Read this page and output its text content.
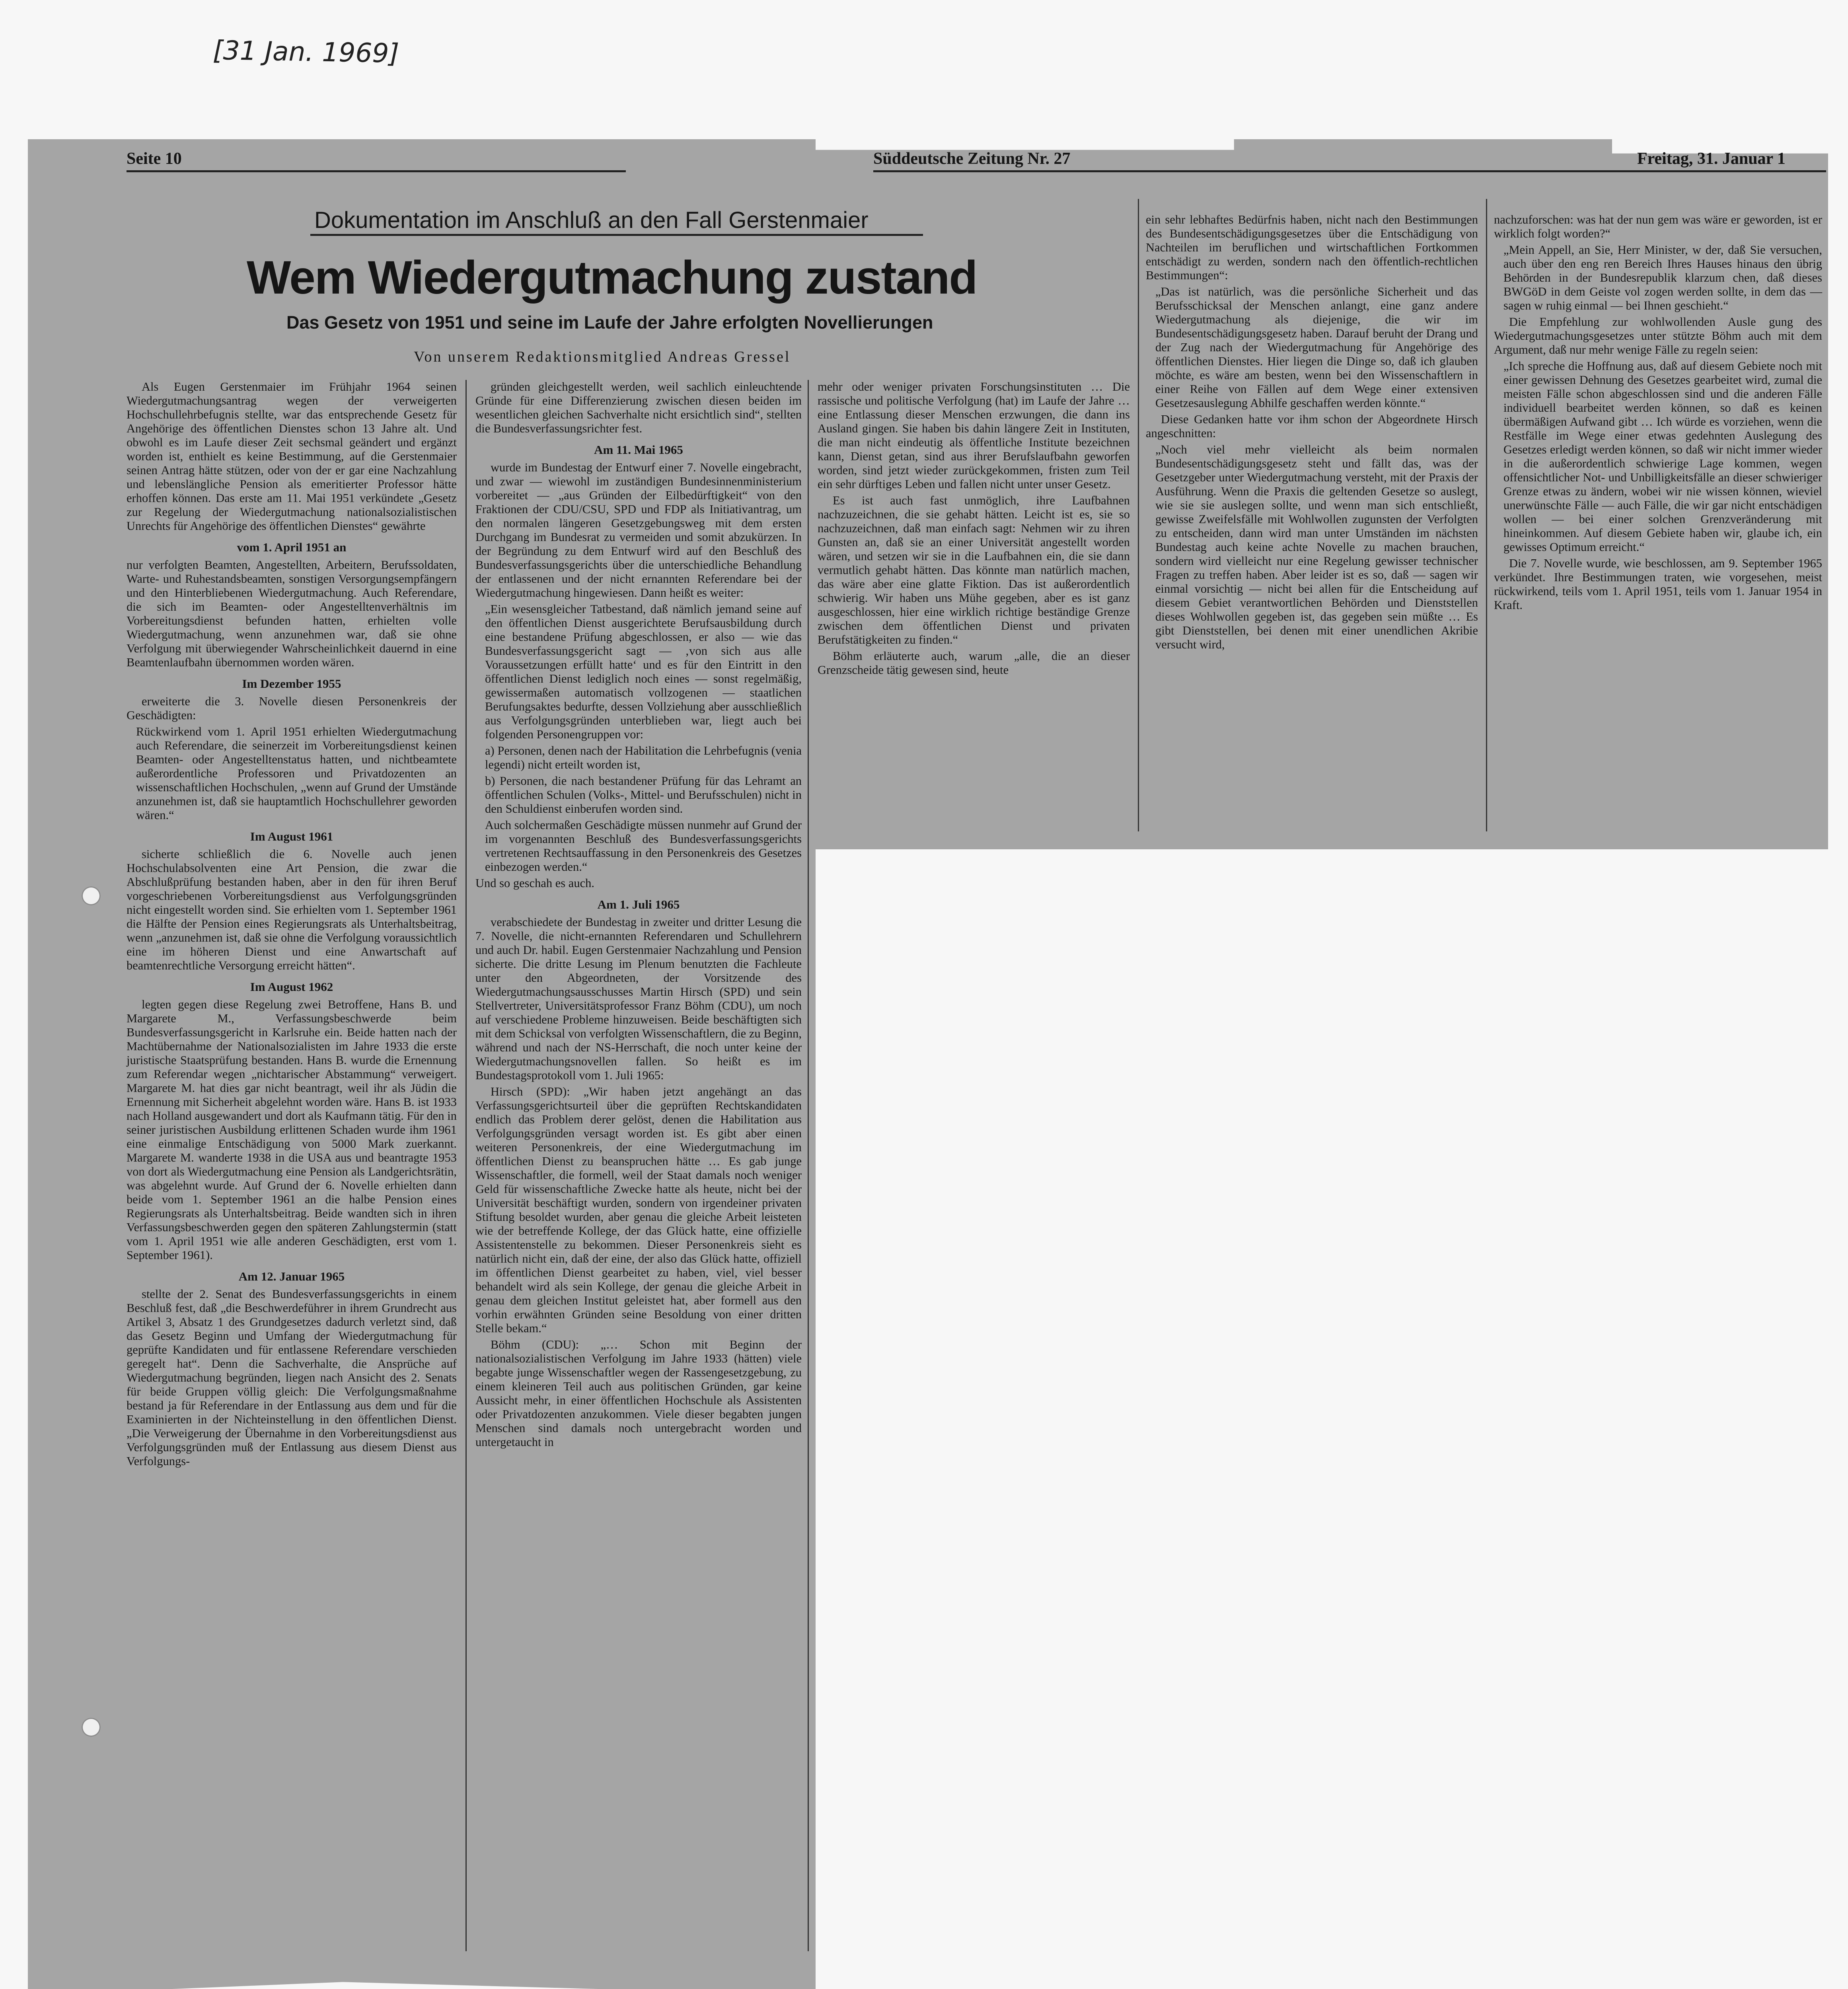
[31 Jan. 1969]
Seite 10	Süddeutsche Zeitung Nr. 27	Freitag, 31. Januar 1
Dokumentation im Anschluß an den Fall Gerstenmaier
Wem Wiedergutmachung zustand
Das Gesetz von 1951 und seine im Laufe der Jahre erfolgten Novellierungen
Von unserem Redaktionsmitglied Andreas Gressel

Als Eugen Gerstenmaier im Frühjahr 1964 seinen Wiedergutmachungsantrag wegen der verweigerten Hochschullehrbefugnis stellte, war das entsprechende Gesetz für Angehörige des öffentlichen Dienstes schon 13 Jahre alt. Und obwohl es im Laufe dieser Zeit sechsmal geändert und ergänzt worden ist, enthielt es keine Bestimmung, auf die Gerstenmaier seinen Antrag hätte stützen, oder von der er gar eine Nachzahlung und lebenslängliche Pension als emeritierter Professor hätte erhoffen können. Das erste am 11. Mai 1951 verkündete „Gesetz zur Regelung der Wiedergutmachung nationalsozialistischen Unrechts für Angehörige des öffentlichen Dienstes“ gewährte

vom 1. April 1951 an

nur verfolgten Beamten, Angestellten, Arbeitern, Berufssoldaten, Warte- und Ruhestandsbeamten, sonstigen Versorgungsempfängern und den Hinterbliebenen Wiedergutmachung. Auch Referendare, die sich im Beamten- oder Angestelltenverhältnis im Vorbereitungsdienst befunden hatten, erhielten volle Wiedergutmachung, wenn anzunehmen war, daß sie ohne Verfolgung mit überwiegender Wahrscheinlichkeit dauernd in eine Beamtenlaufbahn übernommen worden wären.

Im Dezember 1955

erweiterte die 3. Novelle diesen Personenkreis der Geschädigten:

Rückwirkend vom 1. April 1951 erhielten Wiedergutmachung auch Referendare, die seinerzeit im Vorbereitungsdienst keinen Beamten- oder Angestelltenstatus hatten, und nichtbeamtete außerordentliche Professoren und Privatdozenten an wissenschaftlichen Hochschulen, „wenn auf Grund der Umstände anzunehmen ist, daß sie hauptamtlich Hochschullehrer geworden wären.“

Im August 1961

sicherte schließlich die 6. Novelle auch jenen Hochschulabsolventen eine Art Pension, die zwar die Abschlußprüfung bestanden haben, aber in den für ihren Beruf vorgeschriebenen Vorbereitungsdienst aus Verfolgungsgründen nicht eingestellt worden sind. Sie erhielten vom 1. September 1961 die Hälfte der Pension eines Regierungsrats als Unterhaltsbeitrag, wenn „anzunehmen ist, daß sie ohne die Verfolgung voraussichtlich eine im höheren Dienst und eine Anwartschaft auf beamtenrechtliche Versorgung erreicht hätten“.

Im August 1962

legten gegen diese Regelung zwei Betroffene, Hans B. und Margarete M., Verfassungsbeschwerde beim Bundesverfassungsgericht in Karlsruhe ein. Beide hatten nach der Machtübernahme der Nationalsozialisten im Jahre 1933 die erste juristische Staatsprüfung bestanden. Hans B. wurde die Ernennung zum Referendar wegen „nichtarischer Abstammung“ verweigert. Margarete M. hat dies gar nicht beantragt, weil ihr als Jüdin die Ernennung mit Sicherheit abgelehnt worden wäre. Hans B. ist 1933 nach Holland ausgewandert und dort als Kaufmann tätig. Für den in seiner juristischen Ausbildung erlittenen Schaden wurde ihm 1961 eine einmalige Entschädigung von 5000 Mark zuerkannt. Margarete M. wanderte 1938 in die USA aus und beantragte 1953 von dort als Wiedergutmachung eine Pension als Landgerichtsrätin, was abgelehnt wurde. Auf Grund der 6. Novelle erhielten dann beide vom 1. September 1961 an die halbe Pension eines Regierungsrats als Unterhaltsbeitrag. Beide wandten sich in ihren Verfassungsbeschwerden gegen den späteren Zahlungstermin (statt vom 1. April 1951 wie alle anderen Geschädigten, erst vom 1. September 1961).

Am 12. Januar 1965

stellte der 2. Senat des Bundesverfassungsgerichts in einem Beschluß fest, daß „die Beschwerdeführer in ihrem Grundrecht aus Artikel 3, Absatz 1 des Grundgesetzes dadurch verletzt sind, daß das Gesetz Beginn und Umfang der Wiedergutmachung für geprüfte Kandidaten und für entlassene Referendare verschieden geregelt hat“. Denn die Sachverhalte, die Ansprüche auf Wiedergutmachung begründen, liegen nach Ansicht des 2. Senats für beide Gruppen völlig gleich: Die Verfolgungsmaßnahme bestand ja für Referendare in der Entlassung aus dem und für die Examinierten in der Nichteinstellung in den öffentlichen Dienst. „Die Verweigerung der Übernahme in den Vorbereitungsdienst aus Verfolgungsgründen muß der Entlassung aus diesem Dienst aus Verfolgungs-

gründen gleichgestellt werden, weil sachlich einleuchtende Gründe für eine Differenzierung zwischen diesen beiden im wesentlichen gleichen Sachverhalte nicht ersichtlich sind“, stellten die Bundesverfassungsrichter fest.

Am 11. Mai 1965

wurde im Bundestag der Entwurf einer 7. Novelle eingebracht, und zwar — wiewohl im zuständigen Bundesinnenministerium vorbereitet — „aus Gründen der Eilbedürftigkeit“ von den Fraktionen der CDU/CSU, SPD und FDP als Initiativantrag, um den normalen längeren Gesetzgebungsweg mit dem ersten Durchgang im Bundesrat zu vermeiden und somit abzukürzen. In der Begründung zu dem Entwurf wird auf den Beschluß des Bundesverfassungsgerichts über die unterschiedliche Behandlung der entlassenen und der nicht ernannten Referendare bei der Wiedergutmachung hingewiesen. Dann heißt es weiter:

„Ein wesensgleicher Tatbestand, daß nämlich jemand seine auf den öffentlichen Dienst ausgerichtete Berufsausbildung durch eine bestandene Prüfung abgeschlossen, er also — wie das Bundesverfassungsgericht sagt — ‚von sich aus alle Voraussetzungen erfüllt hatte‘ und es für den Eintritt in den öffentlichen Dienst lediglich noch eines — sonst regelmäßig, gewissermaßen automatisch vollzogenen — staatlichen Berufungsaktes bedurfte, dessen Vollziehung aber ausschließlich aus Verfolgungsgründen unterblieben war, liegt auch bei folgenden Personengruppen vor:

a) Personen, denen nach der Habilitation die Lehrbefugnis (venia legendi) nicht erteilt worden ist,

b) Personen, die nach bestandener Prüfung für das Lehramt an öffentlichen Schulen (Volks-, Mittel- und Berufsschulen) nicht in den Schuldienst einberufen worden sind.

Auch solchermaßen Geschädigte müssen nunmehr auf Grund der im vorgenannten Beschluß des Bundesverfassungsgerichts vertretenen Rechtsauffassung in den Personenkreis des Gesetzes einbezogen werden.“

Und so geschah es auch.

Am 1. Juli 1965

verabschiedete der Bundestag in zweiter und dritter Lesung die 7. Novelle, die nicht-ernannten Referendaren und Schullehrern und auch Dr. habil. Eugen Gerstenmaier Nachzahlung und Pension sicherte. Die dritte Lesung im Plenum benutzten die Fachleute unter den Abgeordneten, der Vorsitzende des Wiedergutmachungsausschusses Martin Hirsch (SPD) und sein Stellvertreter, Universitätsprofessor Franz Böhm (CDU), um noch auf verschiedene Probleme hinzuweisen. Beide beschäftigten sich mit dem Schicksal von verfolgten Wissenschaftlern, die zu Beginn, während und nach der NS-Herrschaft, die noch unter keine der Wiedergutmachungsnovellen fallen. So heißt es im Bundestagsprotokoll vom 1. Juli 1965:

Hirsch (SPD): „Wir haben jetzt angehängt an das Verfassungsgerichtsurteil über die geprüften Rechtskandidaten endlich das Problem derer gelöst, denen die Habilitation aus Verfolgungsgründen versagt worden ist. Es gibt aber einen weiteren Personenkreis, der eine Wiedergutmachung im öffentlichen Dienst zu beanspruchen hätte … Es gab junge Wissenschaftler, die formell, weil der Staat damals noch weniger Geld für wissenschaftliche Zwecke hatte als heute, nicht bei der Universität beschäftigt wurden, sondern von irgendeiner privaten Stiftung besoldet wurden, aber genau die gleiche Arbeit leisteten wie der betreffende Kollege, der das Glück hatte, eine offizielle Assistentenstelle zu bekommen. Dieser Personenkreis sieht es natürlich nicht ein, daß der eine, der also das Glück hatte, offiziell im öffentlichen Dienst gearbeitet zu haben, viel, viel besser behandelt wird als sein Kollege, der genau die gleiche Arbeit in genau dem gleichen Institut geleistet hat, aber formell aus den vorhin erwähnten Gründen seine Besoldung von einer dritten Stelle bekam.“

Böhm (CDU): „… Schon mit Beginn der nationalsozialistischen Verfolgung im Jahre 1933 (hätten) viele begabte junge Wissenschaftler wegen der Rassengesetzgebung, zu einem kleineren Teil auch aus politischen Gründen, gar keine Aussicht mehr, in einer öffentlichen Hochschule als Assistenten oder Privatdozenten anzukommen. Viele dieser begabten jungen Menschen sind damals noch untergebracht worden und untergetaucht in

mehr oder weniger privaten Forschungsinstituten … Die rassische und politische Verfolgung (hat) im Laufe der Jahre … eine Entlassung dieser Menschen erzwungen, die dann ins Ausland gingen. Sie haben bis dahin längere Zeit in Instituten, die man nicht eindeutig als öffentliche Institute bezeichnen kann, Dienst getan, sind aus ihrer Berufslaufbahn geworfen worden, sind jetzt wieder zurückgekommen, fristen zum Teil ein sehr dürftiges Leben und fallen nicht unter unser Gesetz.

Es ist auch fast unmöglich, ihre Laufbahnen nachzuzeichnen, die sie gehabt hätten. Leicht ist es, sie so nachzuzeichnen, daß man einfach sagt: Nehmen wir zu ihren Gunsten an, daß sie an einer Universität angestellt worden wären, und setzen wir sie in die Laufbahnen ein, die sie dann vermutlich gehabt hätten. Das könnte man natürlich machen, das wäre aber eine glatte Fiktion. Das ist außerordentlich schwierig. Wir haben uns Mühe gegeben, aber es ist ganz ausgeschlossen, hier eine wirklich richtige beständige Grenze zwischen dem öffentlichen Dienst und privaten Berufstätigkeiten zu finden.“

Böhm erläuterte auch, warum „alle, die an dieser Grenzscheide tätig gewesen sind, heute

ein sehr lebhaftes Bedürfnis haben, nicht nach den Bestimmungen des Bundesentschädigungsgesetzes über die Entschädigung von Nachteilen im beruflichen und wirtschaftlichen Fortkommen entschädigt zu werden, sondern nach den öffentlich-rechtlichen Bestimmungen“:

„Das ist natürlich, was die persönliche Sicherheit und das Berufsschicksal der Menschen anlangt, eine ganz andere Wiedergutmachung als diejenige, die wir im Bundesentschädigungsgesetz haben. Darauf beruht der Drang und der Zug nach der Wiedergutmachung für Angehörige des öffentlichen Dienstes. Hier liegen die Dinge so, daß ich glauben möchte, es wäre am besten, wenn bei den Wissenschaftlern in einer Reihe von Fällen auf dem Wege einer extensiven Gesetzesauslegung Abhilfe geschaffen werden könnte.“

Diese Gedanken hatte vor ihm schon der Abgeordnete Hirsch angeschnitten:

„Noch viel mehr vielleicht als beim normalen Bundesentschädigungsgesetz steht und fällt das, was der Gesetzgeber unter Wiedergutmachung versteht, mit der Praxis der Ausführung. Wenn die Praxis die geltenden Gesetze so auslegt, wie sie sie auslegen sollte, und wenn man sich entschließt, gewisse Zweifelsfälle mit Wohlwollen zugunsten der Verfolgten zu entscheiden, dann wird man unter Umständen im nächsten Bundestag auch keine achte Novelle zu machen brauchen, sondern wird vielleicht nur eine Regelung gewisser technischer Fragen zu treffen haben. Aber leider ist es so, daß — sagen wir einmal vorsichtig — nicht bei allen für die Entscheidung auf diesem Gebiet verantwortlichen Behörden und Dienststellen dieses Wohlwollen gegeben ist, das gegeben sein müßte … Es gibt Dienststellen, bei denen mit einer unendlichen Akribie versucht wird,

nachzuforschen: was hat der nun gem was wäre er geworden, ist er wirklich folgt worden?“

„Mein Appell, an Sie, Herr Minister, w der, daß Sie versuchen, auch über den eng ren Bereich Ihres Hauses hinaus den übrig Behörden in der Bundesrepublik klarzum chen, daß dieses BWGöD in dem Geiste vol zogen werden sollte, in dem das — sagen w ruhig einmal — bei Ihnen geschieht.“

Die Empfehlung zur wohlwollenden Ausle gung des Wiedergutmachungsgesetzes unter stützte Böhm auch mit dem Argument, daß nur mehr wenige Fälle zu regeln seien:

„Ich spreche die Hoffnung aus, daß auf diesem Gebiete noch mit einer gewissen Dehnung des Gesetzes gearbeitet wird, zumal die meisten Fälle schon abgeschlossen sind und die anderen Fälle individuell bearbeitet werden können, so daß es keinen übermäßigen Aufwand gibt … Ich würde es vorziehen, wenn die Restfälle im Wege einer etwas gedehnten Auslegung des Gesetzes erledigt werden können, so daß wir nicht immer wieder in die außerordentlich schwierige Lage kommen, wegen offensichtlicher Not- und Unbilligkeitsfälle an dieser schwieriger Grenze etwas zu ändern, wobei wir nie wissen können, wieviel unerwünschte Fälle — auch Fälle, die wir gar nicht entschädigen wollen — bei einer solchen Grenzveränderung mit hineinkommen. Auf diesem Gebiete haben wir, glaube ich, ein gewisses Optimum erreicht.“

Die 7. Novelle wurde, wie beschlossen, am 9. September 1965 verkündet. Ihre Bestimmungen traten, wie vorgesehen, meist rückwirkend, teils vom 1. April 1951, teils vom 1. Januar 1954 in Kraft.
